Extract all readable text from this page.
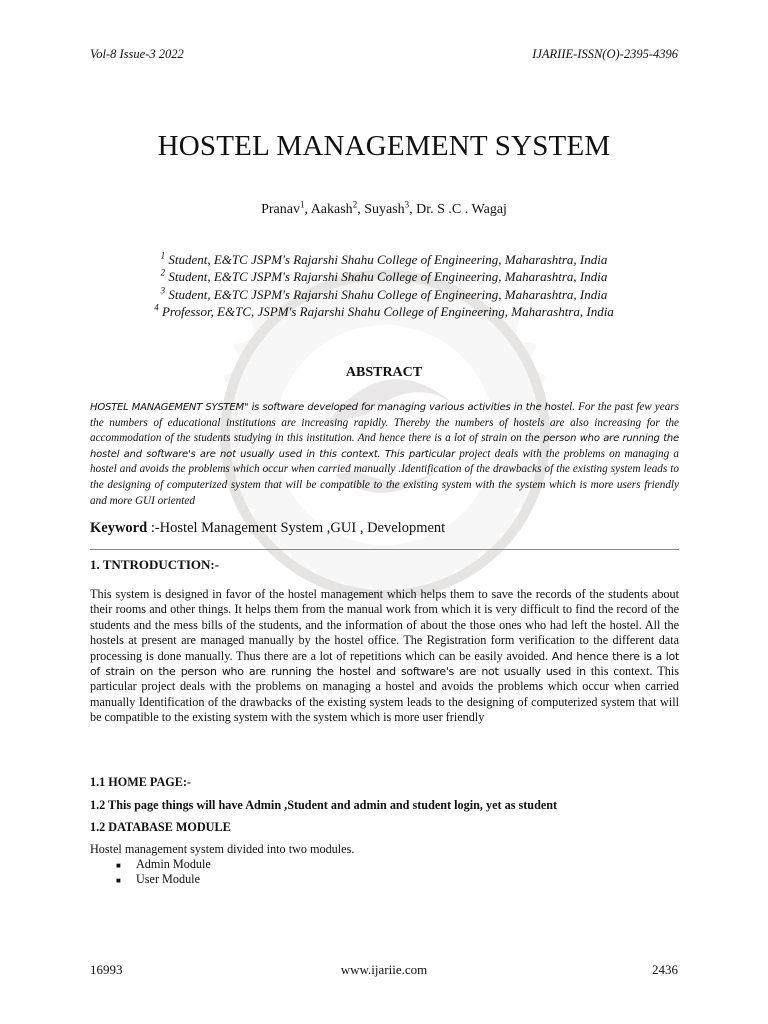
Vol-8 Issue-3 2022	IJARIIE-ISSN(O)-2395-4396
HOSTEL MANAGEMENT SYSTEM
Pranav$^1$, Aakash$^2$, Suyash$^3$, Dr. S .C . Wagaj
$^1$ Student, E&TC JSPM's Rajarshi Shahu College of Engineering, Maharashtra, India
$^2$ Student, E&TC JSPM's Rajarshi Shahu College of Engineering, Maharashtra, India
$^3$ Student, E&TC JSPM's Rajarshi Shahu College of Engineering, Maharashtra, India
$^4$ Professor, E&TC, JSPM's Rajarshi Shahu College of Engineering, Maharashtra, India
ABSTRACT
HOSTEL MANAGEMENT SYSTEM" is software developed for managing various activities in the hostel. For the past few years the numbers of educational institutions are increasing rapidly. Thereby the numbers of hostels are also increasing for the accommodation of the students studying in this institution. And hence there is a lot of strain on the person who are running the hostel and software's are not usually used in this context. This particular project deals with the problems on managing a hostel and avoids the problems which occur when carried manually .Identification of the drawbacks of the existing system leads to the designing of computerized system that will be compatible to the existing system with the system which is more users friendly and more GUI oriented
Keyword :-Hostel Management System ,GUI , Development
1. TNTRODUCTION:-
This system is designed in favor of the hostel management which helps them to save the records of the students about their rooms and other things. It helps them from the manual work from which it is very difficult to find the record of the students and the mess bills of the students, and the information of about the those ones who had left the hostel. All the hostels at present are managed manually by the hostel office. The Registration form verification to the different data processing is done manually. Thus there are a lot of repetitions which can be easily avoided. And hence there is a lot of strain on the person who are running the hostel and software's are not usually used in this context. This particular project deals with the problems on managing a hostel and avoids the problems which occur when carried manually Identification of the drawbacks of the existing system leads to the designing of computerized system that will be compatible to the existing system with the system which is more user friendly
1.1 HOME PAGE:-
1.2 This page things will have Admin ,Student and admin and student login, yet as student
1.2 DATABASE MODULE
Hostel management system divided into two modules.
■ Admin Module
■ User Module
16993	www.ijariie.com	2436
